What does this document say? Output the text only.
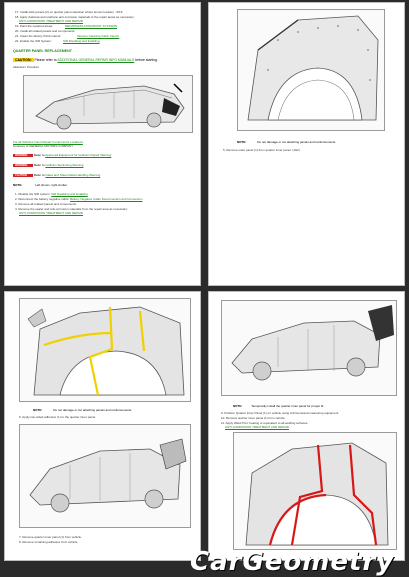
17. Install stick panels (2) on quarter panel selection where known location - 5/16.
18. Apply dualcoat and urethane anti-corrosion materials to the repair areas as necessary:
ANTI-CORROSION TREATMENT AND REPAIR
19. Paint the repaired areas:	REFINISH/PLATING/PAINT SYSTEMS
20. Install all related panels and components.
21. Clean the factory finish interior:	Vacuum Cleaning Cabin Interior
22. Enable the SIR System:	SIR Disabling and Enabling
QUARTER PANEL REPLACEMENT
CAUTION: Please refer to ADDITIONAL GENERAL REPAIR INFO MANUALS before starting.
Addendum: Procedure
For all Vehicles Insert Repair Components Locations
Courtesy of GENERAL MOTORS COMPANY
WARNING Refer to Approved Equipment for Collision Repair Warning
WARNING Refer to Collision Sectioning Warning
CAUTION Refer to Glass and Sheet Metal Handling Warning
NOTE:	Left shown, right similar.
1. Disable the SIR system: SIR Disabling and Enabling
2. Disconnect the battery negative cable: Battery Negative Cable Disconnection and Connection
3. Remove all related panels and components.
4. Remove the sealer and anti-corrosion materials from the repair area as necessary:
ANTI-CORROSION TREATMENT AND REPAIR
NOTE:	Do not damage or cut attaching panels and reinforcements.
5. Remove outer panel (1) from quarter inner panel. (1&2).
NOTE:	Do not damage or cut attaching panels and reinforcements.
6. Apply two-sided adhesive (1) to the quarter inner panel.
7. Remove quarter inner panel (1) from vehicle.
8. Remove remaining adhesive from vehicle.
NOTE:	Temporarily install the quarter inner panel for proper fit.
9. Position Quarter Inner Panel (1) on vehicle using 3-dimensional measuring equipment.
10. Remove quarter inner panel (1) from vehicle.
11. Apply Weld-Thru Coating or equivalent to all welding surfaces.
ANTI-CORROSION TREATMENT AND REPAIR
CarGeometry
